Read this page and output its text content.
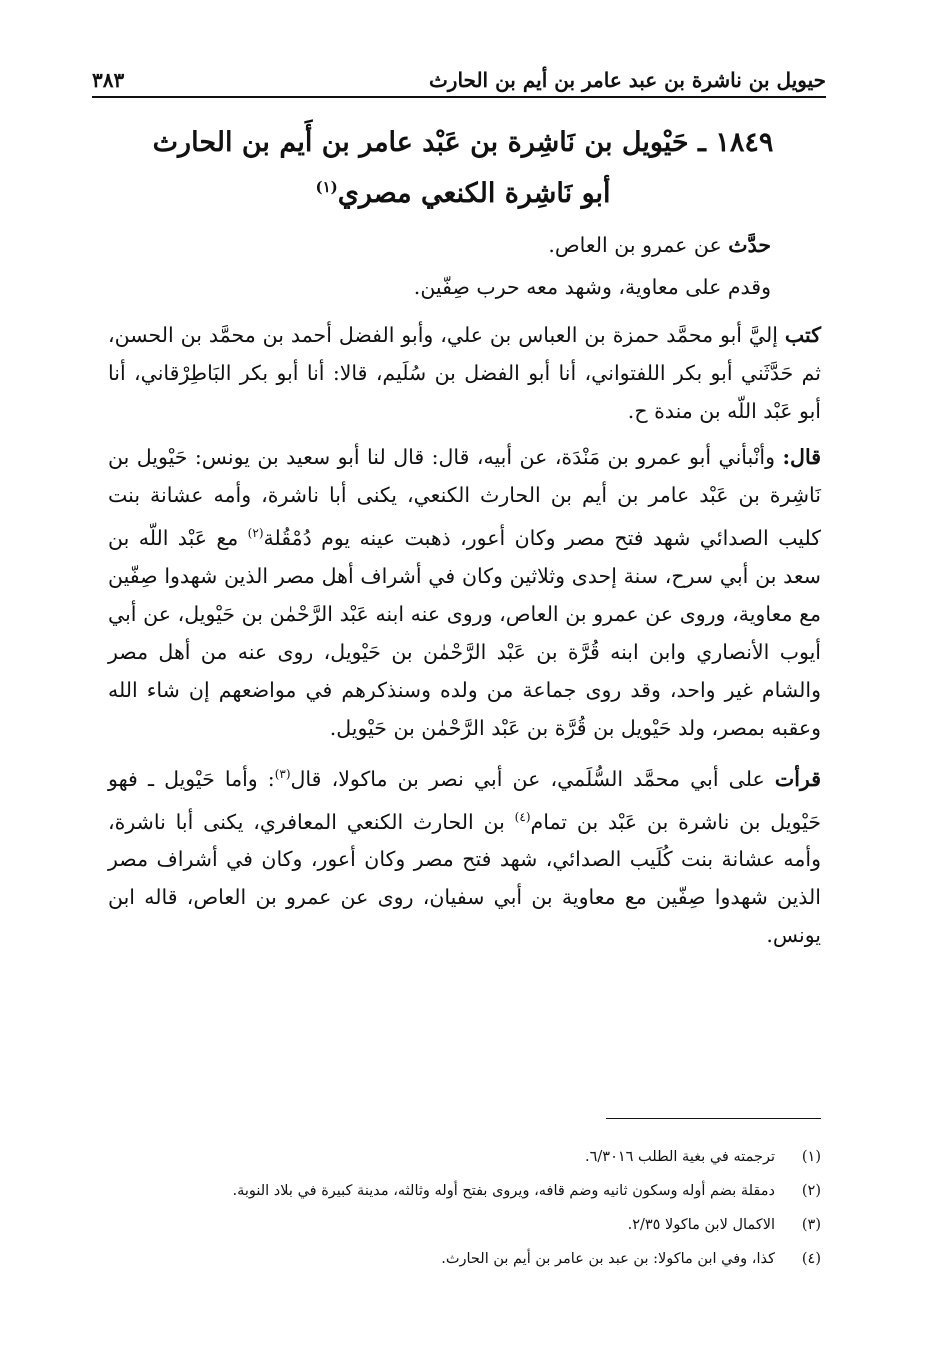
حيويل بن ناشرة بن عبد عامر بن أيم بن الحارث
٣٨٣
١٨٤٩ ـ حَيْويل بن نَاشِرة بن عَبْد عامر بن أَيم بن الحارث
أبو نَاشِرة الكنعي مصري$^{(١)}$

حدَّث عن عمرو بن العاص.

وقدم على معاوية، وشهد معه حرب صِفّين.

كتب إليَّ أبو محمَّد حمزة بن العباس بن علي، وأبو الفضل أحمد بن محمَّد بن الحسن، ثم حَدَّثَني أبو بكر اللفتواني، أنا أبو الفضل بن سُلَيم، قالا: أنا أبو بكر البَاطِرْقاني، أنا أبو عَبْد اللّه بن مندة ح.

قال: وأنْبأني أبو عمرو بن مَنْدَة، عن أبيه، قال: قال لنا أبو سعيد بن يونس: حَيْويل بن نَاشِرة بن عَبْد عامر بن أيم بن الحارث الكنعي، يكنى أبا ناشرة، وأمه عشانة بنت كليب الصدائي شهد فتح مصر وكان أعور، ذهبت عينه يوم دُمْقُلة$^{(٢)}$ مع عَبْد اللّه بن سعد بن أبي سرح، سنة إحدى وثلاثين وكان في أشراف أهل مصر الذين شهدوا صِفّين مع معاوية، وروى عن عمرو بن العاص، وروى عنه ابنه عَبْد الرَّحْمٰن بن حَيْويل، عن أبي أيوب الأنصاري وابن ابنه قُرَّة بن عَبْد الرَّحْمٰن بن حَيْويل، روى عنه من أهل مصر والشام غير واحد، وقد روى جماعة من ولده وسنذكرهم في مواضعهم إن شاء الله وعقبه بمصر، ولد حَيْويل بن قُرَّة بن عَبْد الرَّحْمٰن بن حَيْويل.

قرأت على أبي محمَّد السُّلَمي، عن أبي نصر بن ماكولا، قال$^{(٣)}$: وأما حَيْويل ـ فهو حَيْويل بن ناشرة بن عَبْد بن تمام$^{(٤)}$ بن الحارث الكنعي المعافري، يكنى أبا ناشرة، وأمه عشانة بنت كُلَيب الصدائي، شهد فتح مصر وكان أعور، وكان في أشراف مصر الذين شهدوا صِفّين مع معاوية بن أبي سفيان، روى عن عمرو بن العاص، قاله ابن يونس.

(١)
ترجمته في بغية الطلب ٦/٣٠١٦.
(٢)
دمقلة بضم أوله وسكون ثانيه وضم قافه، ويروى بفتح أوله وثالثه، مدينة كبيرة في بلاد النوبة.
(٣)
الاكمال لابن ماكولا ٢/٣٥.
(٤)
كذا، وفي ابن ماكولا: بن عبد بن عامر بن أيم بن الحارث.
